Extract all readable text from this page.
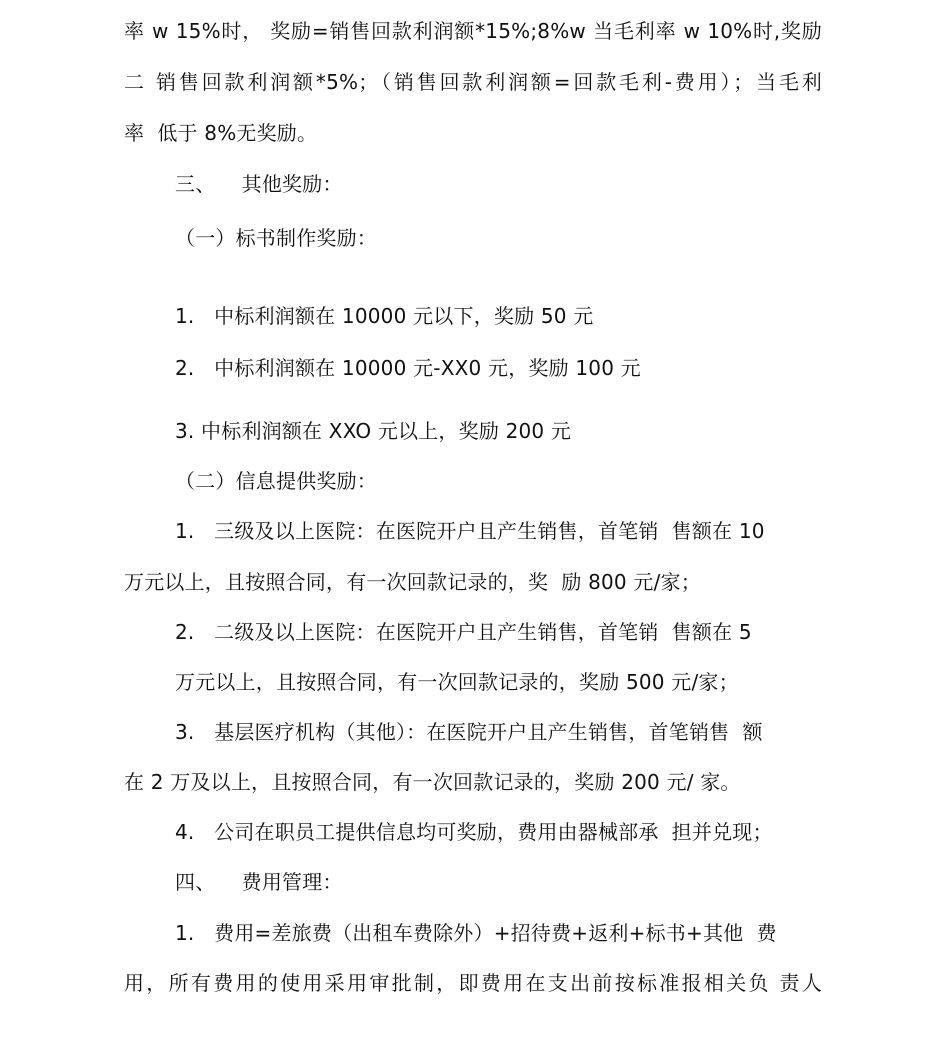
率 w 15%时， 奖励=销售回款利润额*15%;8%w 当毛利率 w 10%时,奖励
二 销售回款利润额*5%；（销售回款利润额=回款毛利-费用）；当毛利
率  低于 8%无奖励。
三、    其他奖励：
（一）标书制作奖励：
1.   中标利润额在 10000 元以下，奖励 50 元
2.   中标利润额在 10000 元-XX0 元，奖励 100 元
3. 中标利润额在 XXO 元以上，奖励 200 元
（二）信息提供奖励：
1.   三级及以上医院：在医院开户且产生销售，首笔销  售额在 10
万元以上，且按照合同，有一次回款记录的，奖  励 800 元/家；
2.   二级及以上医院：在医院开户且产生销售，首笔销  售额在 5
万元以上，且按照合同，有一次回款记录的，奖励 500 元/家；
3.   基层医疗机构（其他）：在医院开户且产生销售，首笔销售  额
在 2 万及以上，且按照合同，有一次回款记录的，奖励 200 元/ 家。
4.   公司在职员工提供信息均可奖励，费用由器械部承  担并兑现；
四、    费用管理：
1.   费用=差旅费（出租车费除外）+招待费+返利+标书+其他  费
用，所有费用的使用采用审批制，即费用在支出前按标准报相关负 责人
